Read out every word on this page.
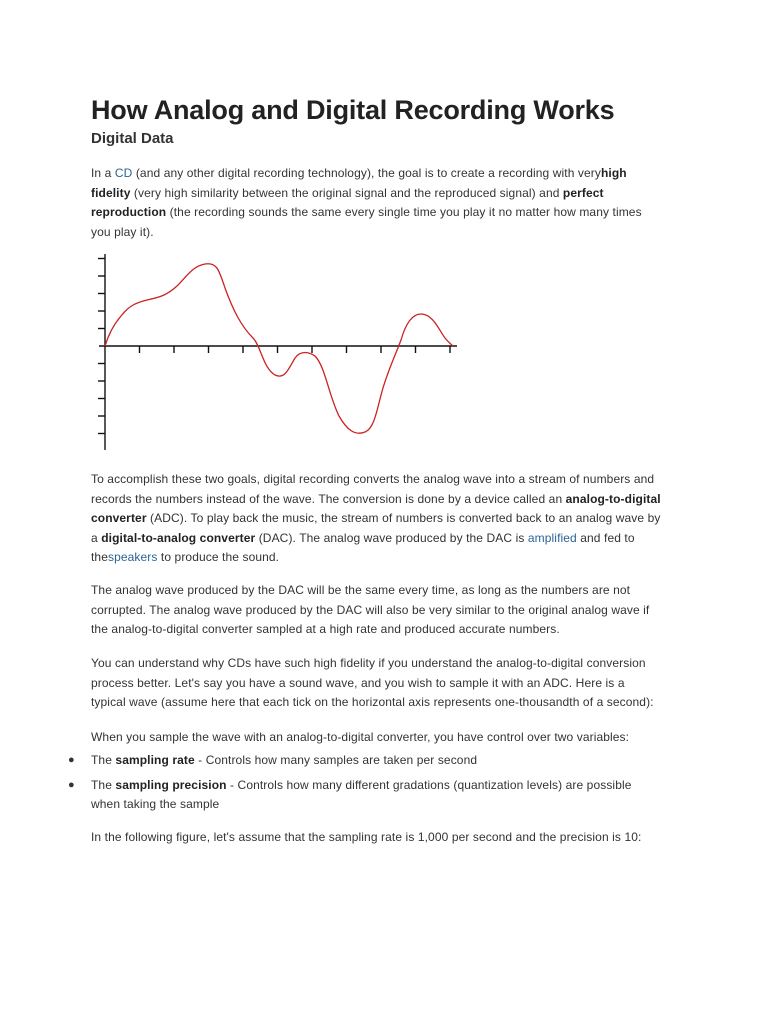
How Analog and Digital Recording Works
Digital Data

In a CD (and any other digital recording technology), the goal is to create a recording with veryhigh fidelity (very high similarity between the original signal and the reproduced signal) and perfect reproduction (the recording sounds the same every single time you play it no matter how many times you play it).

To accomplish these two goals, digital recording converts the analog wave into a stream of numbers and records the numbers instead of the wave. The conversion is done by a device called an analog-to-digital converter (ADC). To play back the music, the stream of numbers is converted back to an analog wave by a digital-to-analog converter (DAC). The analog wave produced by the DAC is amplified and fed to thespeakers to produce the sound.

The analog wave produced by the DAC will be the same every time, as long as the numbers are not corrupted. The analog wave produced by the DAC will also be very similar to the original analog wave if the analog-to-digital converter sampled at a high rate and produced accurate numbers.

You can understand why CDs have such high fidelity if you understand the analog-to-digital conversion process better. Let's say you have a sound wave, and you wish to sample it with an ADC. Here is a typical wave (assume here that each tick on the horizontal axis represents one-thousandth of a second):

When you sample the wave with an analog-to-digital converter, you have control over two variables:

● The sampling rate - Controls how many samples are taken per second
● The sampling precision - Controls how many different gradations (quantization levels) are possible when taking the sample

In the following figure, let's assume that the sampling rate is 1,000 per second and the precision is 10:
